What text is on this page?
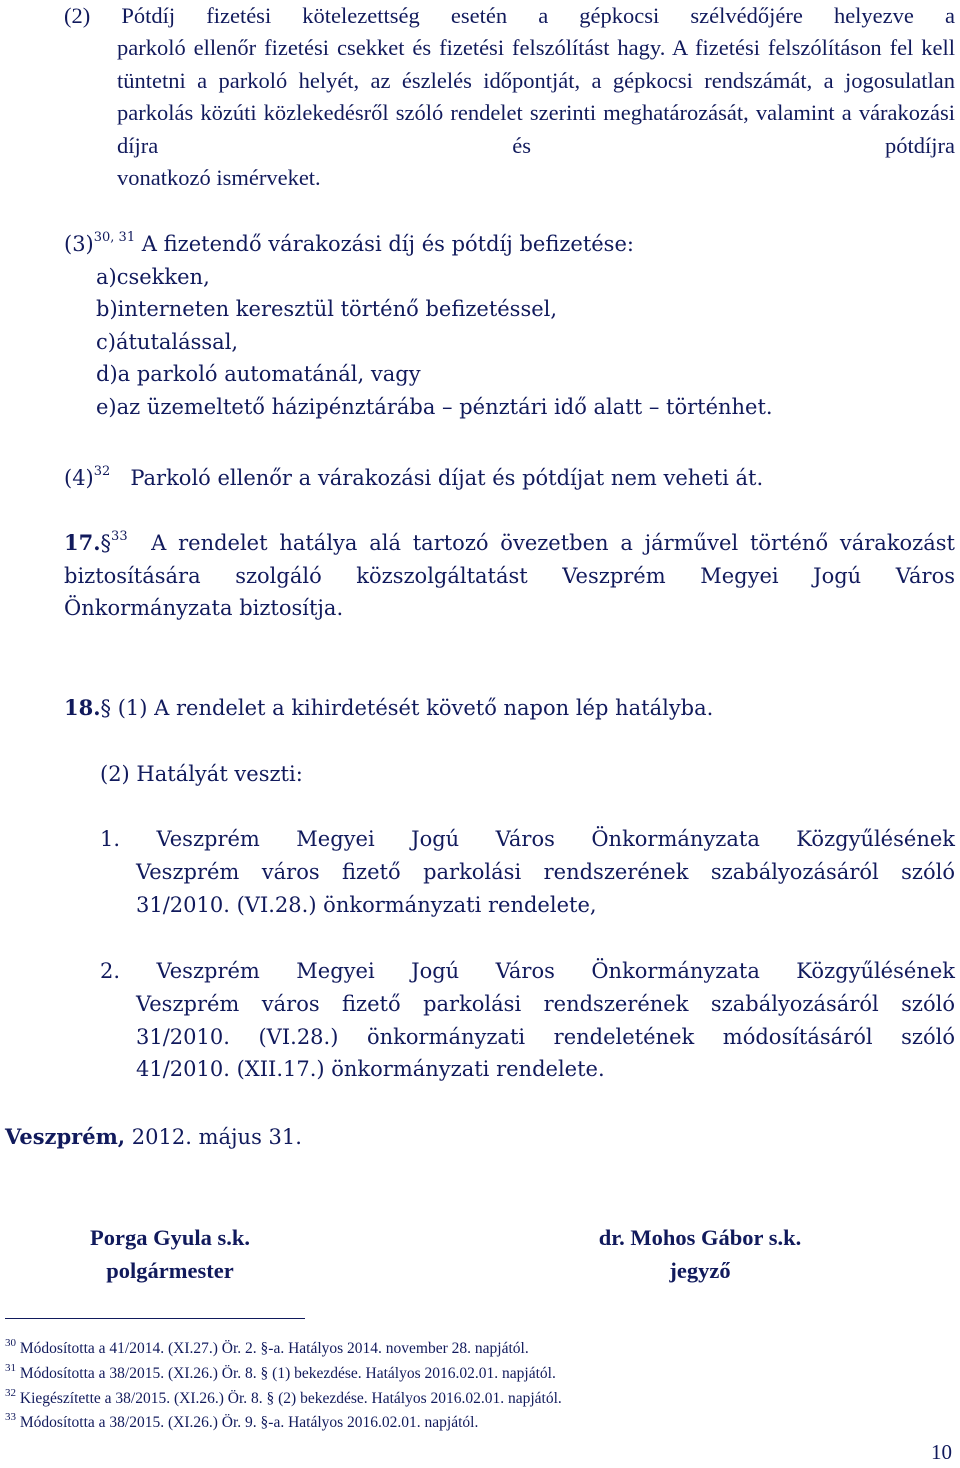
(2) Pótdíj fizetési kötelezettség esetén a gépkocsi szélvédőjére helyezve a
parkoló ellenőr fizetési csekket és fizetési felszólítást hagy. A fizetési felszólításon fel kell tüntetni a parkoló helyét, az észlelés időpontját, a gépkocsi rendszámát, a jogosulatlan parkolás közúti közlekedésről szóló rendelet szerinti meghatározását, valamint a várakozási díjra és pótdíjra
vonatkozó ismérveket.
$(3)^{30, 31}$ A fizetendő várakozási díj és pótdíj befizetése:
a)csekken,
b)interneten keresztül történő befizetéssel,
c)átutalással,
d)a parkoló automatánál, vagy
e)az üzemeltető házipénztárába – pénztári idő alatt – történhet.
$(4)^{32}$ Parkoló ellenőr a várakozási díjat és pótdíjat nem veheti át.
17.§$^{33}$ A rendelet hatálya alá tartozó övezetben a járművel történő várakozást
biztosítására szolgáló közszolgáltatást Veszprém Megyei Jogú Város
Önkormányzata biztosítja.
18.§ (1) A rendelet a kihirdetését követő napon lép hatályba.
(2) Hatályát veszti:
1. Veszprém Megyei Jogú Város Önkormányzata Közgyűlésének
Veszprém város fizető parkolási rendszerének szabályozásáról szóló
31/2010. (VI.28.) önkormányzati rendelete,
2. Veszprém Megyei Jogú Város Önkormányzata Közgyűlésének
Veszprém város fizető parkolási rendszerének szabályozásáról szóló 31/2010. (VI.28.) önkormányzati rendeletének módosításáról szóló
41/2010. (XII.17.) önkormányzati rendelete.
Veszprém, 2012. május 31.
Porga Gyula s.k.
polgármester
dr. Mohos Gábor s.k.
jegyző
$^{30}$ Módosította a 41/2014. (XI.27.) Ör. 2. §-a. Hatályos 2014. november 28. napjától.
$^{31}$ Módosította a 38/2015. (XI.26.) Ör. 8. § (1) bekezdése. Hatályos 2016.02.01. napjától.
$^{32}$ Kiegészítette a 38/2015. (XI.26.) Ör. 8. § (2) bekezdése. Hatályos 2016.02.01. napjától.
$^{33}$ Módosította a 38/2015. (XI.26.) Ör. 9. §-a. Hatályos 2016.02.01. napjától.
10
